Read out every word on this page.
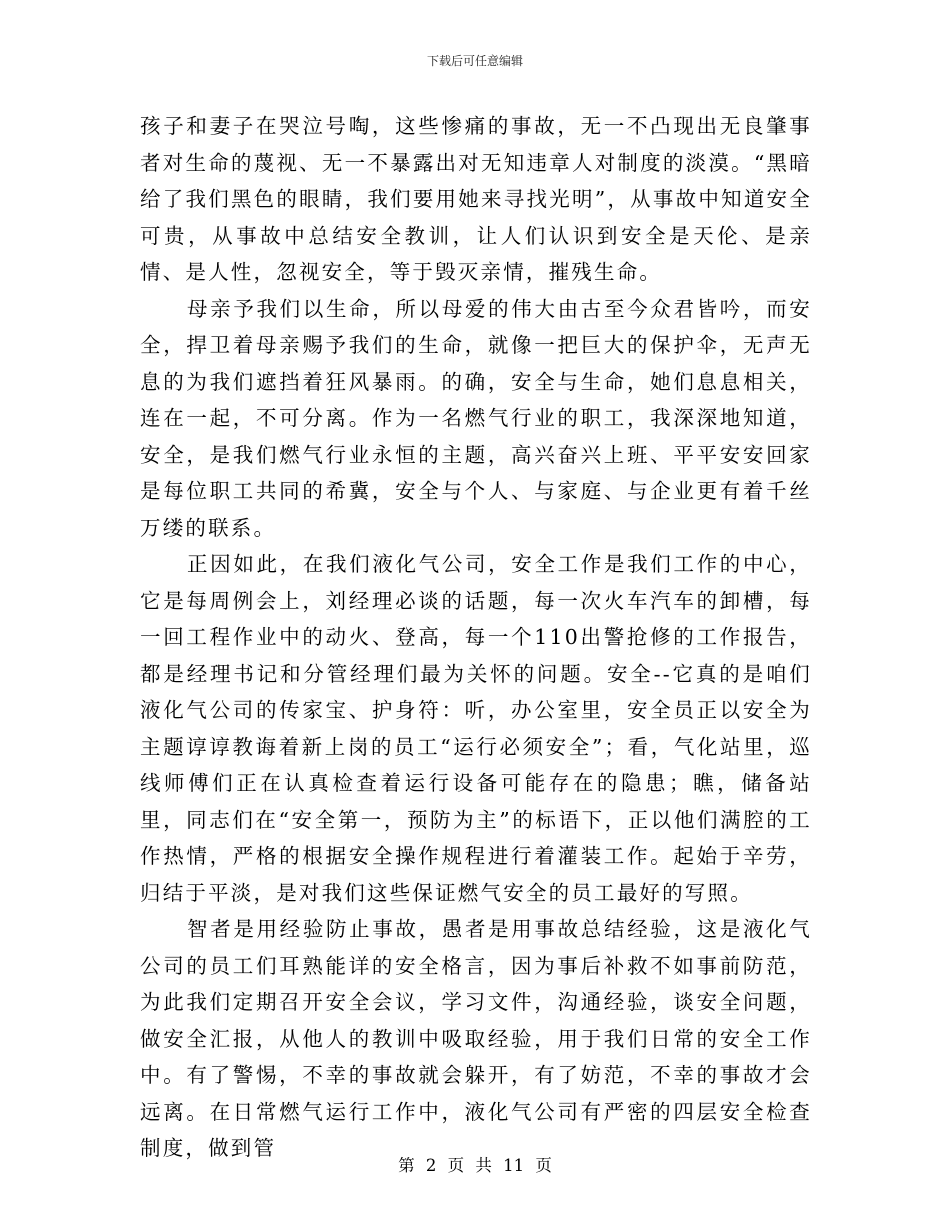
下载后可任意编辑

孩子和妻子在哭泣号啕，这些惨痛的事故，无一不凸现出无良肇事者对生命的蔑视、无一不暴露出对无知违章人对制度的淡漠。“黑暗给了我们黑色的眼睛，我们要用她来寻找光明”，从事故中知道安全可贵，从事故中总结安全教训，让人们认识到安全是天伦、是亲情、是人性，忽视安全，等于毁灭亲情，摧残生命。

母亲予我们以生命，所以母爱的伟大由古至今众君皆吟，而安全，捍卫着母亲赐予我们的生命，就像一把巨大的保护伞，无声无息的为我们遮挡着狂风暴雨。的确，安全与生命，她们息息相关，连在一起，不可分离。作为一名燃气行业的职工，我深深地知道，安全，是我们燃气行业永恒的主题，高兴奋兴上班、平平安安回家是每位职工共同的希冀，安全与个人、与家庭、与企业更有着千丝万缕的联系。

正因如此，在我们液化气公司，安全工作是我们工作的中心，它是每周例会上，刘经理必谈的话题，每一次火车汽车的卸槽，每一回工程作业中的动火、登高，每一个110出警抢修的工作报告，都是经理书记和分管经理们最为关怀的问题。安全--它真的是咱们液化气公司的传家宝、护身符：听，办公室里，安全员正以安全为主题谆谆教诲着新上岗的员工“运行必须安全”；看，气化站里，巡线师傅们正在认真检查着运行设备可能存在的隐患；瞧，储备站里，同志们在“安全第一，预防为主”的标语下，正以他们满腔的工作热情，严格的根据安全操作规程进行着灌装工作。起始于辛劳，归结于平淡，是对我们这些保证燃气安全的员工最好的写照。

智者是用经验防止事故，愚者是用事故总结经验，这是液化气公司的员工们耳熟能详的安全格言，因为事后补救不如事前防范，为此我们定期召开安全会议，学习文件，沟通经验，谈安全问题，做安全汇报，从他人的教训中吸取经验，用于我们日常的安全工作中。有了警惕，不幸的事故就会躲开，有了妨范，不幸的事故才会远离。在日常燃气运行工作中，液化气公司有严密的四层安全检查制度，做到管

第 2 页 共 11 页
